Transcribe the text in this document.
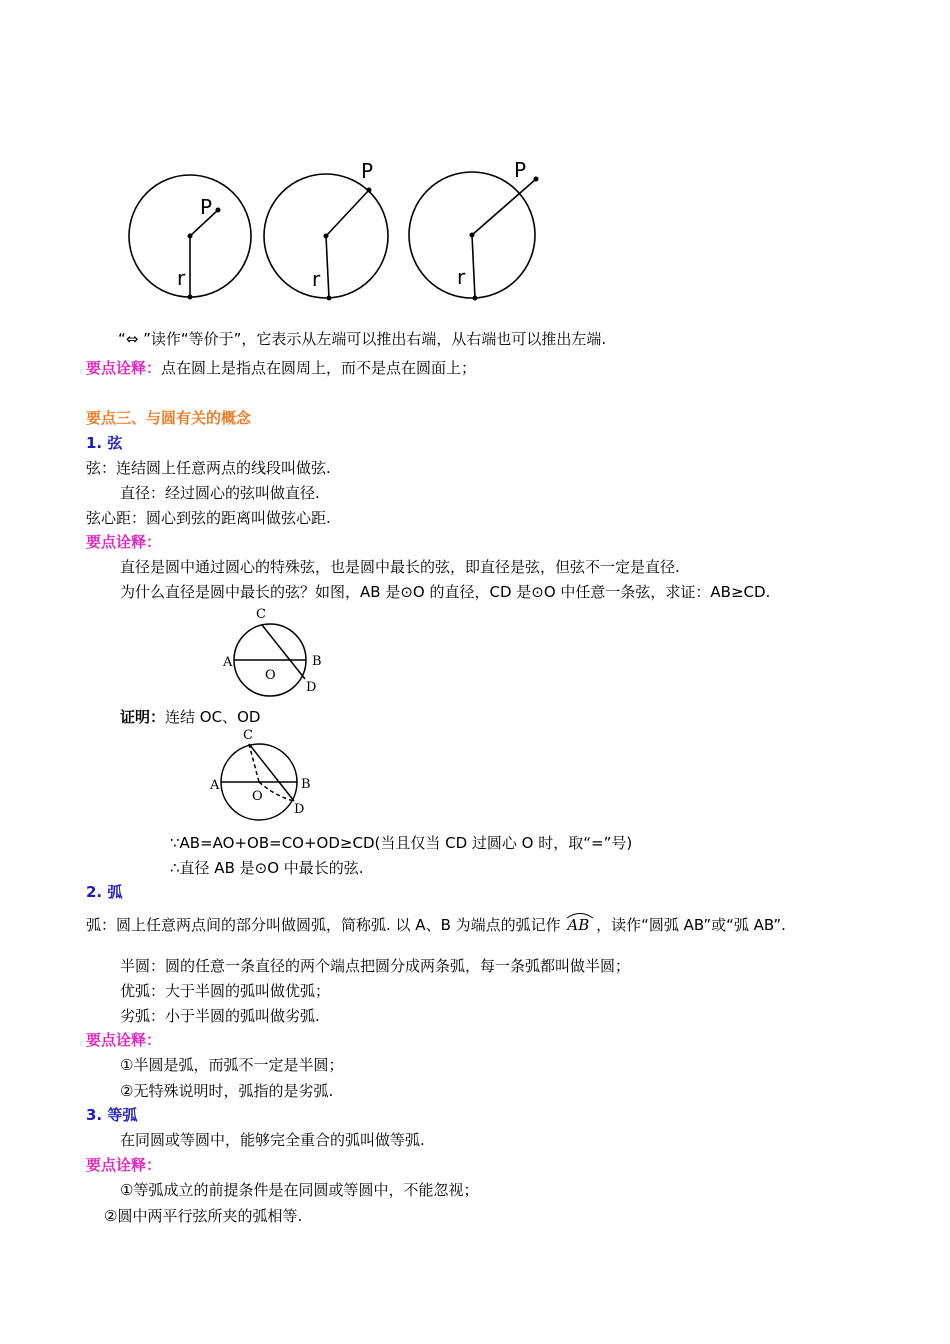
r
P
r
P
r
P
“⇔ ”读作“等价于”，它表示从左端可以推出右端，从右端也可以推出左端.
要点诠释：点在圆上是指点在圆周上，而不是点在圆面上；
要点三、与圆有关的概念
1. 弦
弦：连结圆上任意两点的线段叫做弦.
直径：经过圆心的弦叫做直径.
弦心距：圆心到弦的距离叫做弦心距.
要点诠释：
直径是圆中通过圆心的特殊弦，也是圆中最长的弦，即直径是弦，但弦不一定是直径.
为什么直径是圆中最长的弦？如图，AB 是⊙O 的直径，CD 是⊙O 中任意一条弦，求证：AB≥CD.
C
A	B
O
D
证明：连结 OC、OD
C
A	B
O
D
∵AB=AO+OB=CO+OD≥CD(当且仅当 CD 过圆心 O 时，取“=”号)
∴直径 AB 是⊙O 中最长的弦.
2. 弧
弧：圆上任意两点间的部分叫做圆弧，简称弧. 以 A、B 为端点的弧记作 AB ，读作“圆弧 AB”或“弧 AB”.
半圆：圆的任意一条直径的两个端点把圆分成两条弧，每一条弧都叫做半圆；
优弧：大于半圆的弧叫做优弧；
劣弧：小于半圆的弧叫做劣弧.
要点诠释：
①半圆是弧，而弧不一定是半圆；
②无特殊说明时，弧指的是劣弧.
3. 等弧
在同圆或等圆中，能够完全重合的弧叫做等弧.
要点诠释：
①等弧成立的前提条件是在同圆或等圆中，不能忽视；
②圆中两平行弦所夹的弧相等.
